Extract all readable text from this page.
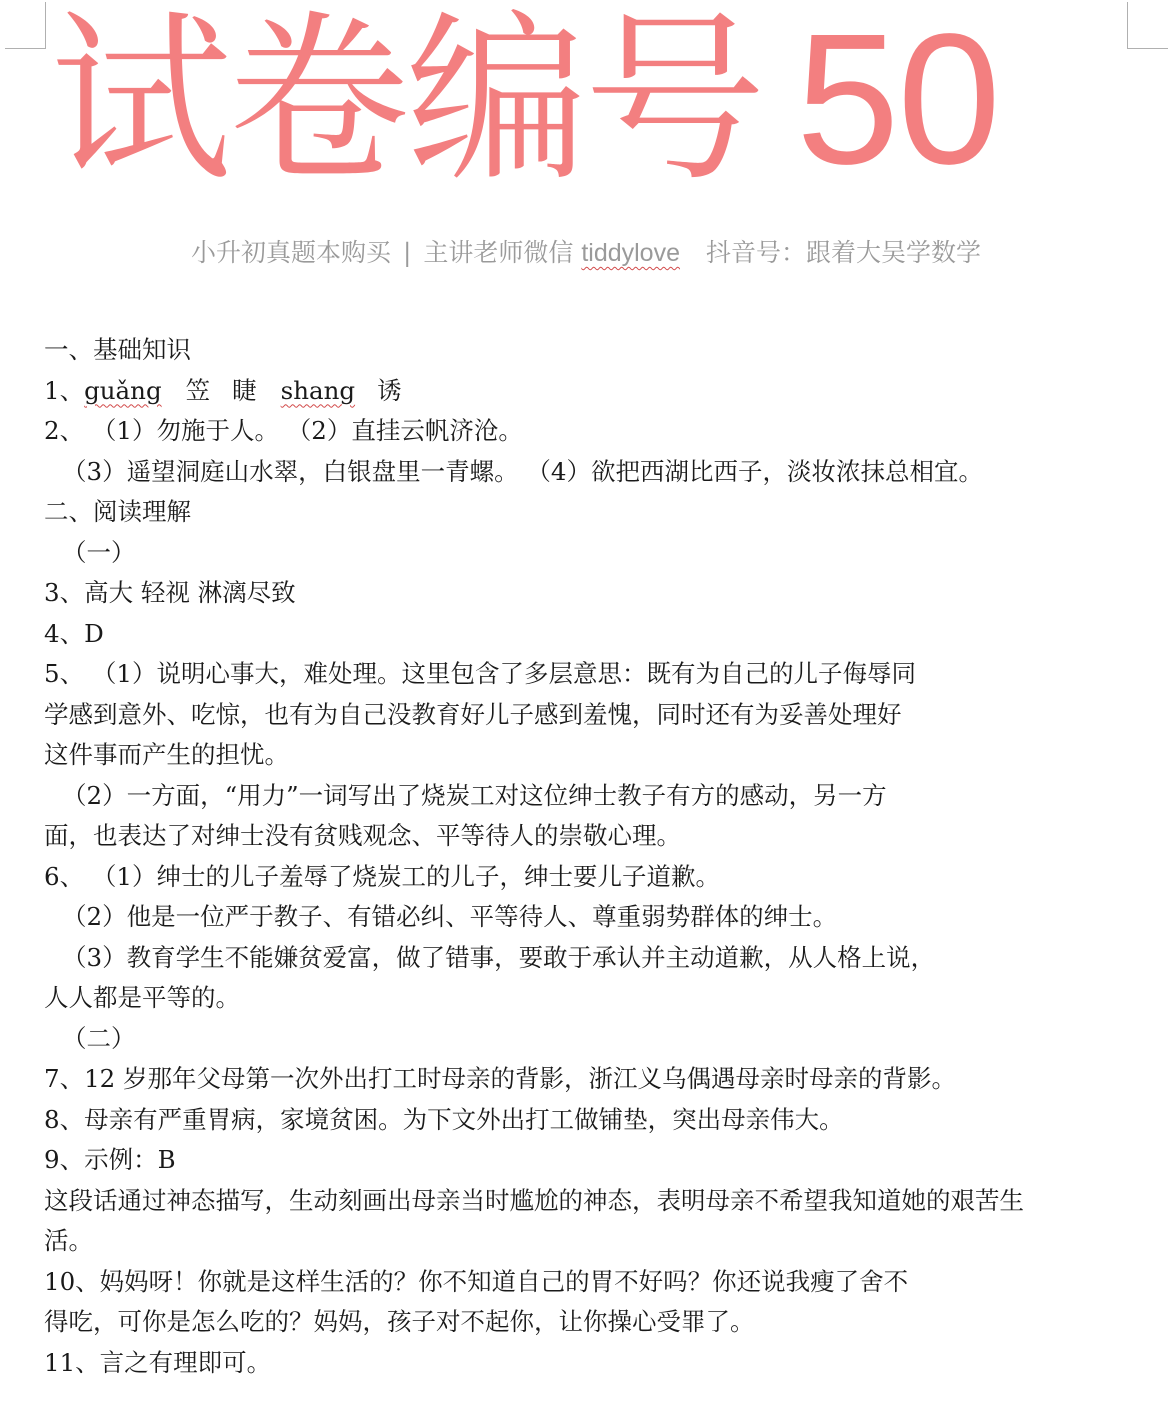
试卷编号 50
小升初真题本购买 | 主讲老师微信 tiddylove 抖音号：跟着大吴学数学
一、基础知识
1、guǎng 笠 睫 shang 诱
2、 （1）勿施于人。 （2）直挂云帆济沧。
（3）遥望洞庭山水翠，白银盘里一青螺。 （4）欲把西湖比西子，淡妆浓抹总相宜。
二、阅读理解
（一）
3、高大 轻视 淋漓尽致
4、D
5、 （1）说明心事大，难处理。这里包含了多层意思：既有为自己的儿子侮辱同
学感到意外、吃惊，也有为自己没教育好儿子感到羞愧，同时还有为妥善处理好
这件事而产生的担忧。
（2）一方面，“用力”一词写出了烧炭工对这位绅士教子有方的感动，另一方
面，也表达了对绅士没有贫贱观念、平等待人的崇敬心理。
6、 （1）绅士的儿子羞辱了烧炭工的儿子，绅士要儿子道歉。
（2）他是一位严于教子、有错必纠、平等待人、尊重弱势群体的绅士。
（3）教育学生不能嫌贫爱富，做了错事，要敢于承认并主动道歉，从人格上说，
人人都是平等的。
（二）
7、12 岁那年父母第一次外出打工时母亲的背影，浙江义乌偶遇母亲时母亲的背影。
8、母亲有严重胃病，家境贫困。为下文外出打工做铺垫，突出母亲伟大。
9、示例：B
这段话通过神态描写，生动刻画出母亲当时尴尬的神态，表明母亲不希望我知道她的艰苦生
活。
10、妈妈呀！你就是这样生活的？你不知道自己的胃不好吗？你还说我瘦了舍不
得吃，可你是怎么吃的？妈妈，孩子对不起你，让你操心受罪了。
11、言之有理即可。
